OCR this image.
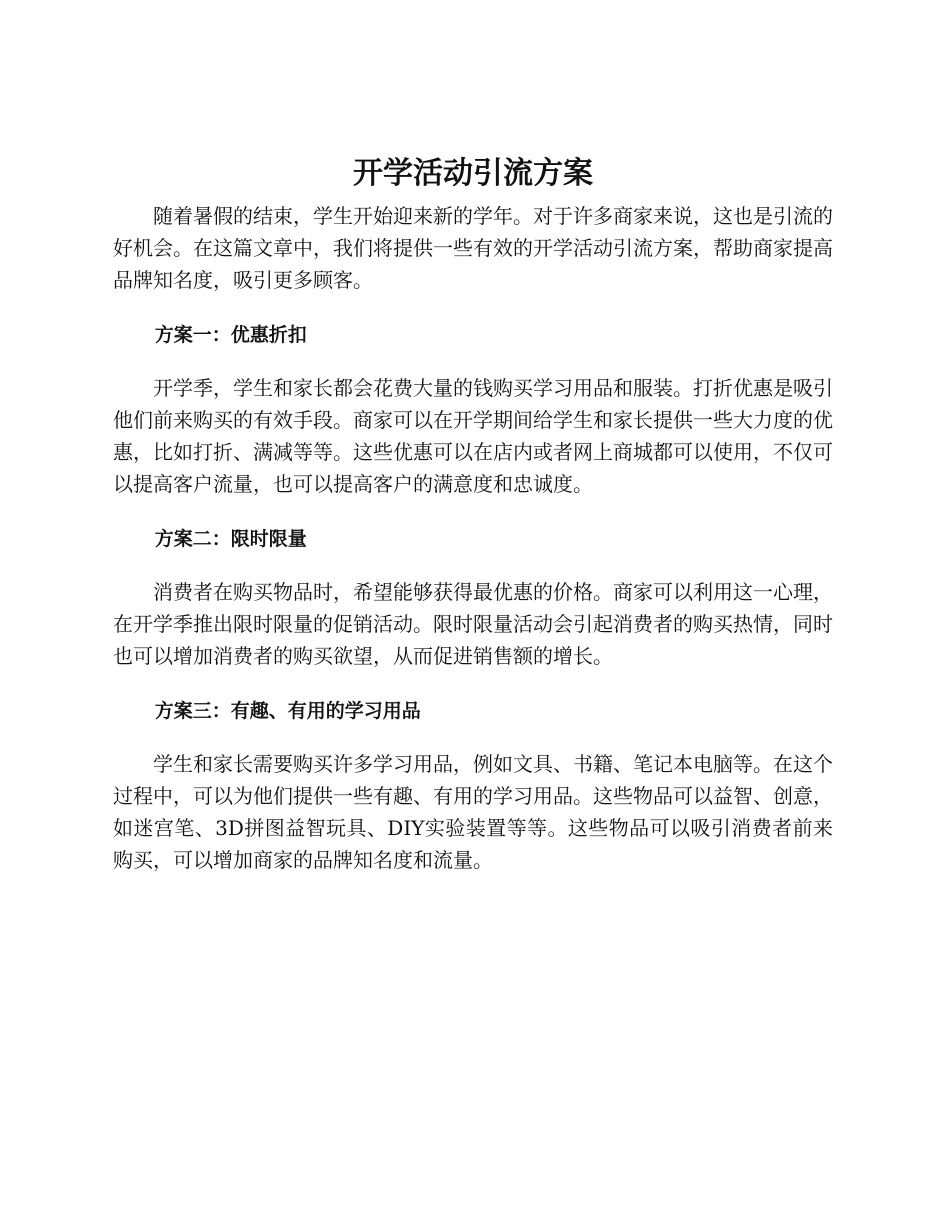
开学活动引流方案

随着暑假的结束，学生开始迎来新的学年。对于许多商家来说，这也是引流的好机会。在这篇文章中，我们将提供一些有效的开学活动引流方案，帮助商家提高品牌知名度，吸引更多顾客。

方案一：优惠折扣

开学季，学生和家长都会花费大量的钱购买学习用品和服装。打折优惠是吸引他们前来购买的有效手段。商家可以在开学期间给学生和家长提供一些大力度的优惠，比如打折、满减等等。这些优惠可以在店内或者网上商城都可以使用，不仅可以提高客户流量，也可以提高客户的满意度和忠诚度。

方案二：限时限量

消费者在购买物品时，希望能够获得最优惠的价格。商家可以利用这一心理，在开学季推出限时限量的促销活动。限时限量活动会引起消费者的购买热情，同时也可以增加消费者的购买欲望，从而促进销售额的增长。

方案三：有趣、有用的学习用品

学生和家长需要购买许多学习用品，例如文具、书籍、笔记本电脑等。在这个过程中，可以为他们提供一些有趣、有用的学习用品。这些物品可以益智、创意，如迷宫笔、3D拼图益智玩具、DIY实验装置等等。这些物品可以吸引消费者前来购买，可以增加商家的品牌知名度和流量。
